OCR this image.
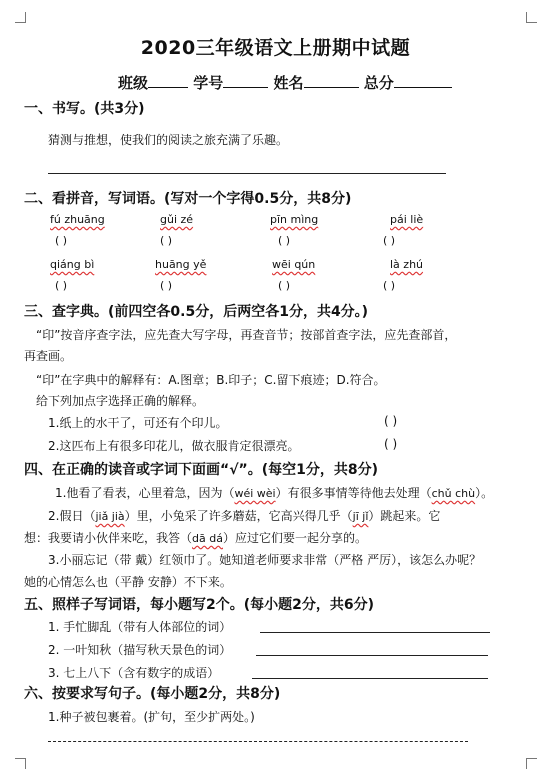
2020三年级语文上册期中试题
班级	学号	姓名	总分
一、书写。(共3分)
猜测与推想，使我们的阅读之旅充满了乐趣。
二、看拼音，写词语。(写对一个字得0.5分，共8分)
fú zhuāng	gǔi zé	pīn mìng	pái liè
( )	( )	( )	( )
qiáng bì	huāng yě	wēi qún	là zhú
( )	( )	( )	( )
三、查字典。(前四空各0.5分，后两空各1分，共4分。)
“印”按音序查字法，应先查大写字母，再查音节；按部首查字法，应先查部首，
再查画。
“印”在字典中的解释有：A.图章；B.印子；C.留下痕迹；D.符合。
给下列加点字选择正确的解释。
1.纸上的水干了，可还有个印儿。	( )
2.这匹布上有很多印花儿，做衣服肯定很漂亮。	( )
四、在正确的读音或字词下面画“√”。(每空1分，共8分)
1.他看了看表，心里着急，因为（wéi wèi）有很多事情等待他去处理（chǔ chù）。
2.假日（jiǎ jià）里，小兔采了许多蘑菇，它高兴得几乎（jī jǐ）跳起来。它
想：我要请小伙伴来吃，我答（dā dá）应过它们要一起分享的。
3.小丽忘记（带 戴）红领巾了。她知道老师要求非常（严格 严厉），该怎么办呢？
她的心情怎么也（平静 安静）不下来。
五、照样子写词语，每小题写2个。(每小题2分，共6分)
1. 手忙脚乱（带有人体部位的词）
2. 一叶知秋（描写秋天景色的词）
3. 七上八下（含有数字的成语）
六、按要求写句子。(每小题2分，共8分)
1.种子被包裹着。(扩句，至少扩两处。)
